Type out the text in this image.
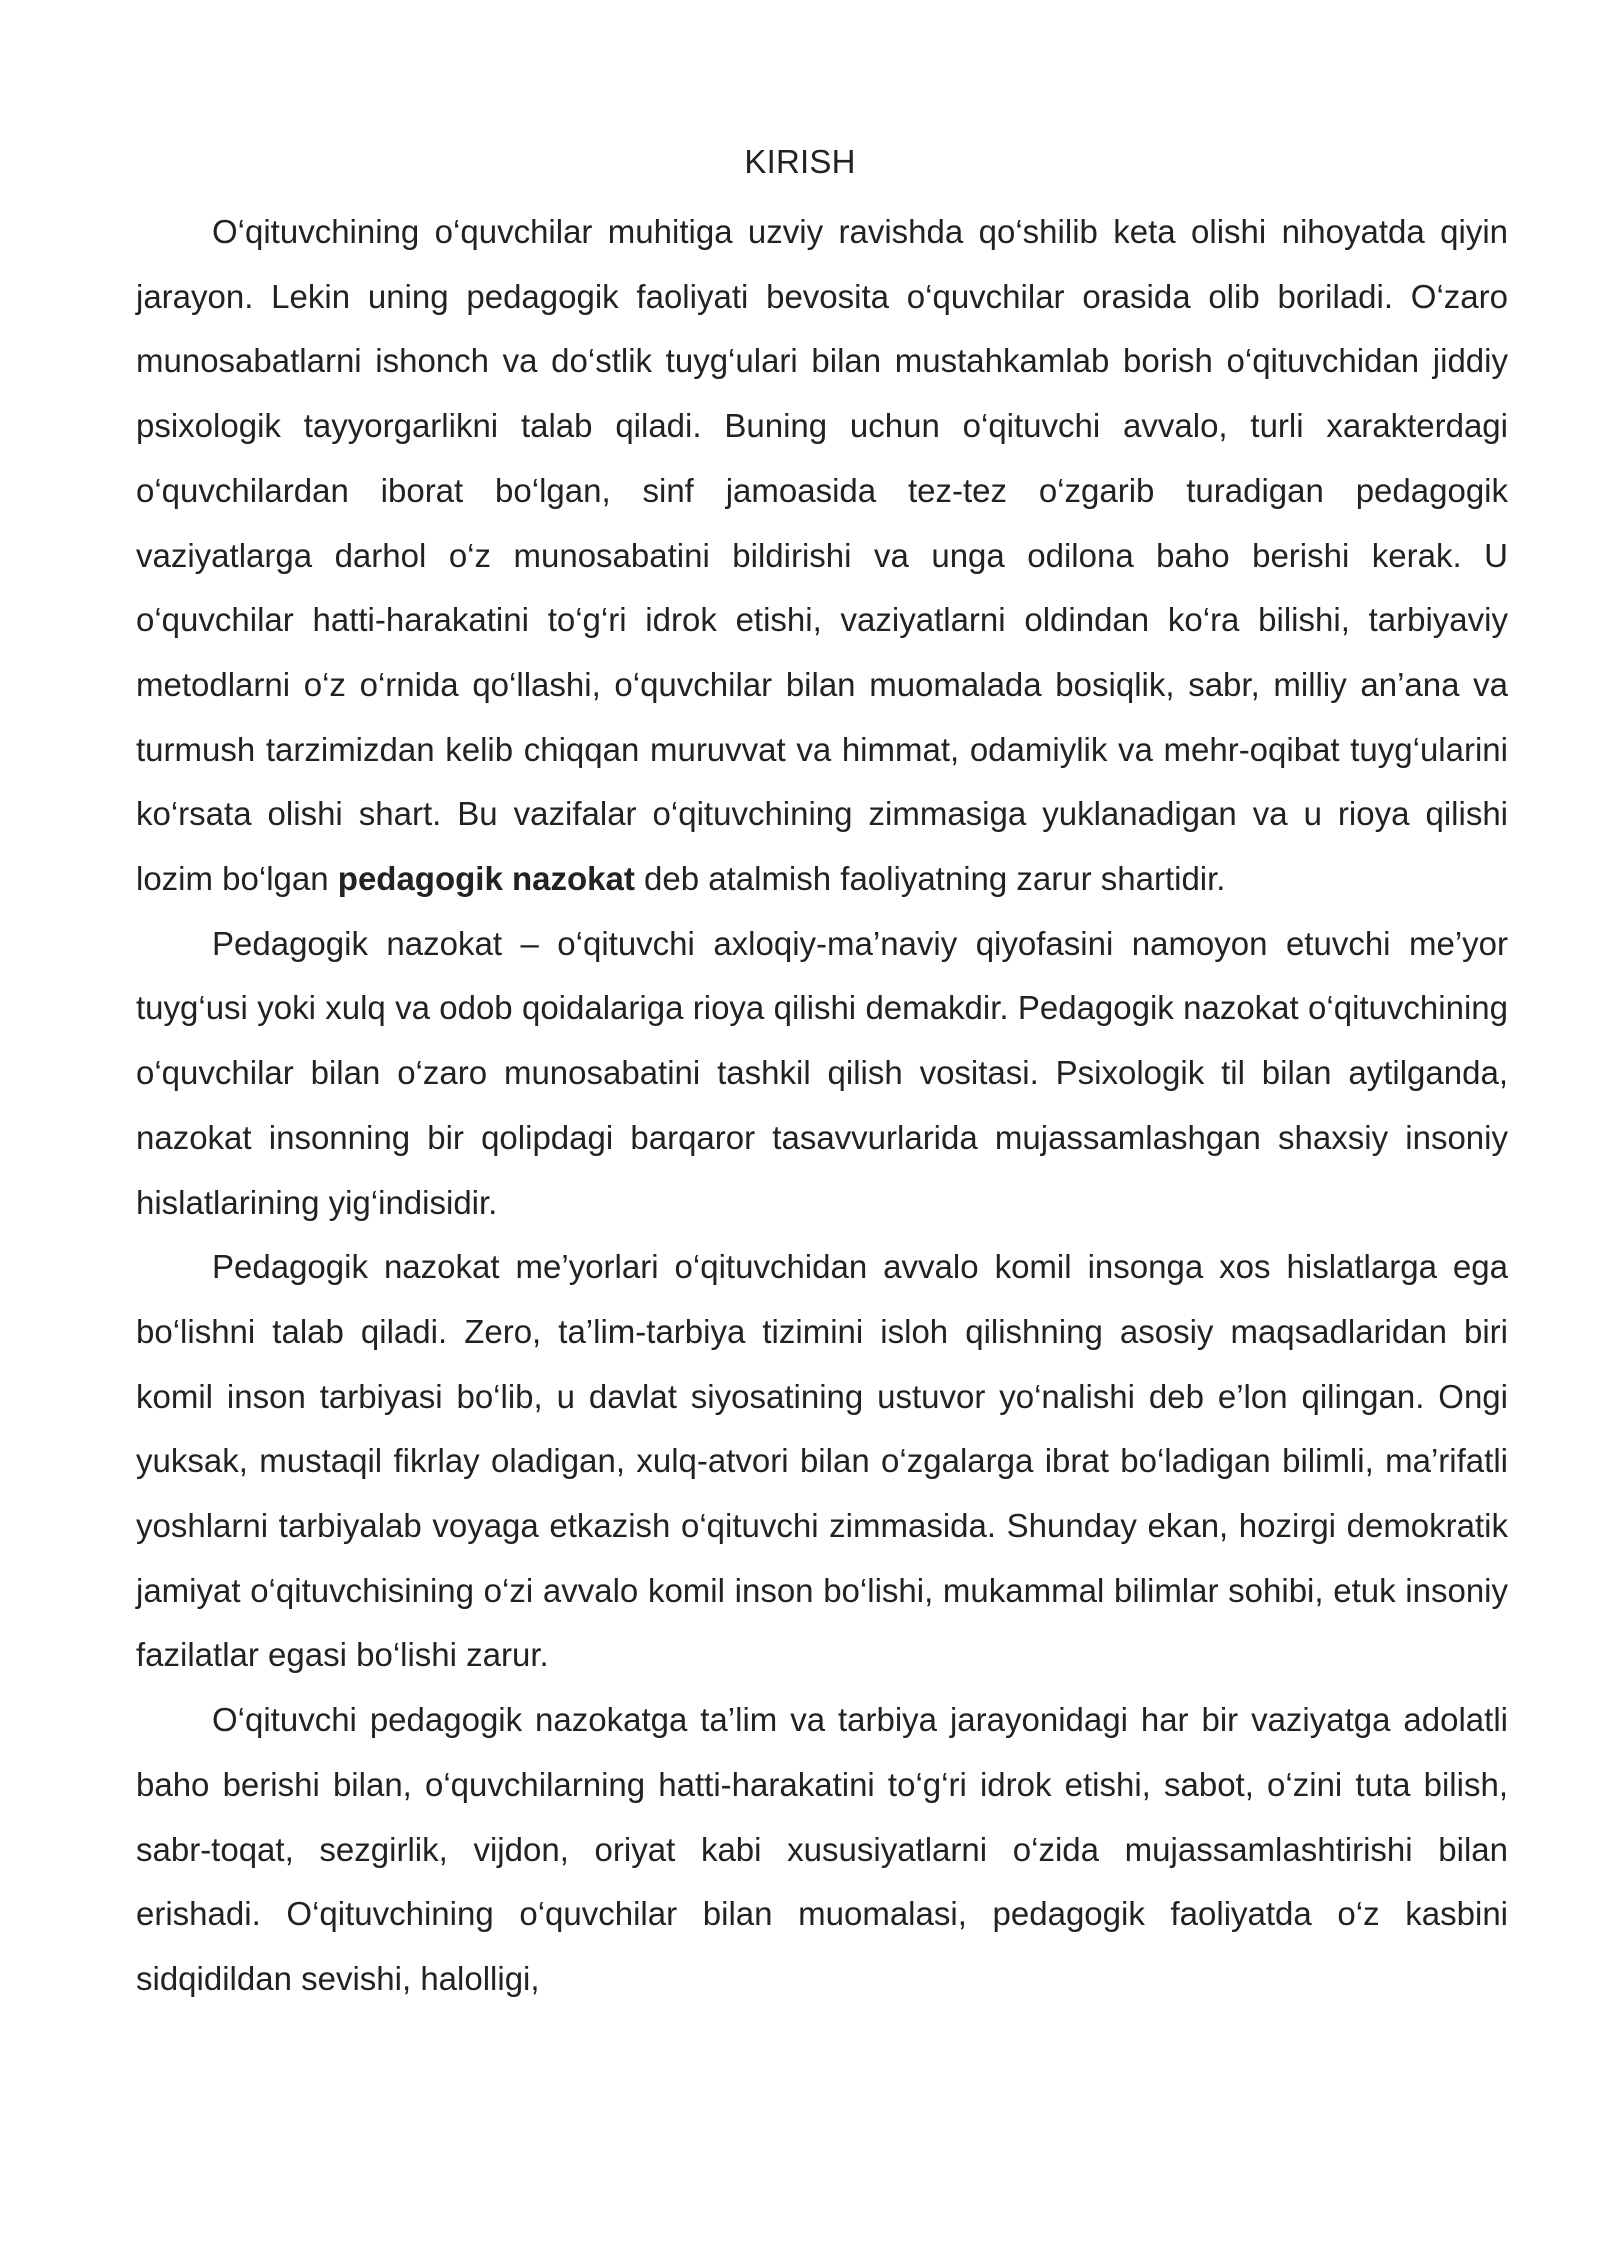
KIRISH

O‘qituvchining o‘quvchilar muhitiga uzviy ravishda qo‘shilib keta olishi nihoyatda qiyin jarayon. Lekin uning pedagogik faoliyati bevosita o‘quvchilar orasida olib boriladi. O‘zaro munosabatlarni ishonch va do‘stlik tuyg‘ulari bilan mustahkamlab borish o‘qituvchidan jiddiy psixologik tayyorgarlikni talab qiladi. Buning uchun o‘qituvchi avvalo, turli xarakterdagi o‘quvchilardan iborat bo‘lgan, sinf jamoasida tez-tez o‘zgarib turadigan pedagogik vaziyatlarga darhol o‘z munosabatini bildirishi va unga odilona baho berishi kerak. U o‘quvchilar hatti-harakatini to‘g‘ri idrok etishi, vaziyatlarni oldindan ko‘ra bilishi, tarbiyaviy metodlarni o‘z o‘rnida qo‘llashi, o‘quvchilar bilan muomalada bosiqlik, sabr, milliy an’ana va turmush tarzimizdan kelib chiqqan muruvvat va himmat, odamiylik va mehr-oqibat tuyg‘ularini ko‘rsata olishi shart. Bu vazifalar o‘qituvchining zimmasiga yuklanadigan va u rioya qilishi lozim bo‘lgan pedagogik nazokat deb atalmish faoliyatning zarur shartidir.

Pedagogik nazokat – o‘qituvchi axloqiy-ma’naviy qiyofasini namoyon etuvchi me’yor tuyg‘usi yoki xulq va odob qoidalariga rioya qilishi demakdir. Pedagogik nazokat o‘qituvchining o‘quvchilar bilan o‘zaro munosabatini tashkil qilish vositasi. Psixologik til bilan aytilganda, nazokat insonning bir qolipdagi barqaror tasavvurlarida mujassamlashgan shaxsiy insoniy hislatlarining yig‘indisidir.

Pedagogik nazokat me’yorlari o‘qituvchidan avvalo komil insonga xos hislatlarga ega bo‘lishni talab qiladi. Zero, ta’lim-tarbiya tizimini isloh qilishning asosiy maqsadlaridan biri komil inson tarbiyasi bo‘lib, u davlat siyosatining ustuvor yo‘nalishi deb e’lon qilingan. Ongi yuksak, mustaqil fikrlay oladigan, xulq-atvori bilan o‘zgalarga ibrat bo‘ladigan bilimli, ma’rifatli yoshlarni tarbiyalab voyaga etkazish o‘qituvchi zimmasida. Shunday ekan, hozirgi demokratik jamiyat o‘qituvchisining o‘zi avvalo komil inson bo‘lishi, mukammal bilimlar sohibi, etuk insoniy fazilatlar egasi bo‘lishi zarur.

O‘qituvchi pedagogik nazokatga ta’lim va tarbiya jarayonidagi har bir vaziyatga adolatli baho berishi bilan, o‘quvchilarning hatti-harakatini to‘g‘ri idrok etishi, sabot, o‘zini tuta bilish, sabr-toqat, sezgirlik, vijdon, oriyat kabi xususiyatlarni o‘zida mujassamlashtirishi bilan erishadi. O‘qituvchining o‘quvchilar bilan muomalasi, pedagogik faoliyatda o‘z kasbini sidqidildan sevishi, halolligi,
